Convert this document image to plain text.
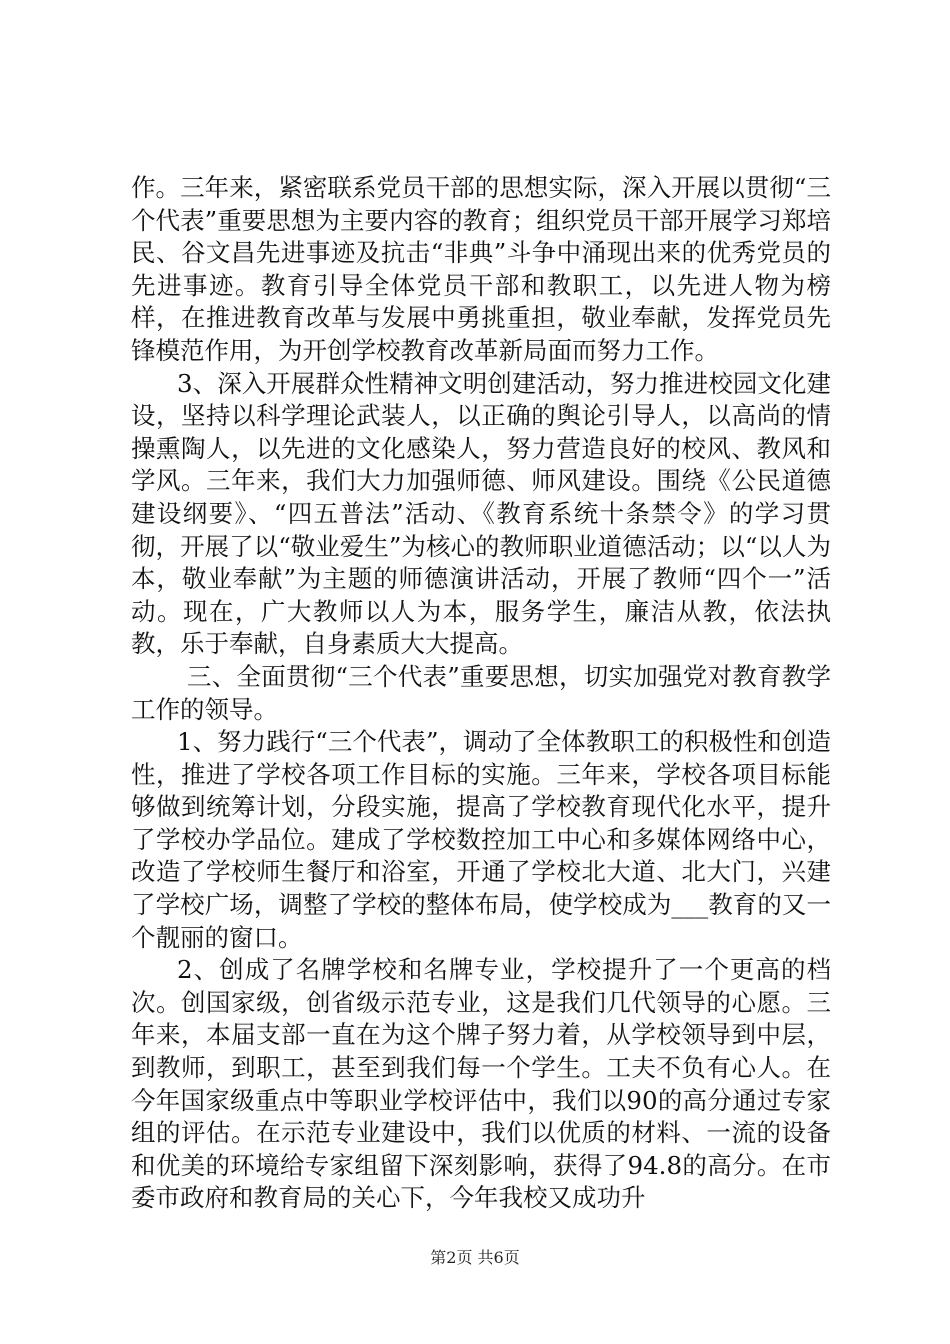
作。三年来，紧密联系党员干部的思想实际，深入开展以贯彻“三个代表”重要思想为主要内容的教育；组织党员干部开展学习郑培民、谷文昌先进事迹及抗击“非典”斗争中涌现出来的优秀党员的先进事迹。教育引导全体党员干部和教职工，以先进人物为榜样，在推进教育改革与发展中勇挑重担，敬业奉献，发挥党员先锋模范作用，为开创学校教育改革新局面而努力工作。

3、深入开展群众性精神文明创建活动，努力推进校园文化建设，坚持以科学理论武装人，以正确的舆论引导人，以高尚的情操熏陶人，以先进的文化感染人，努力营造良好的校风、教风和学风。三年来，我们大力加强师德、师风建设。围绕《公民道德建设纲要》、“四五普法”活动、《教育系统十条禁令》的学习贯彻，开展了以“敬业爱生”为核心的教师职业道德活动；以“以人为本，敬业奉献”为主题的师德演讲活动，开展了教师“四个一”活动。现在，广大教师以人为本，服务学生，廉洁从教，依法执教，乐于奉献，自身素质大大提高。

三、全面贯彻“三个代表”重要思想，切实加强党对教育教学工作的领导。

1、努力践行“三个代表”，调动了全体教职工的积极性和创造性，推进了学校各项工作目标的实施。三年来，学校各项目标能够做到统筹计划，分段实施，提高了学校教育现代化水平，提升了学校办学品位。建成了学校数控加工中心和多媒体网络中心，改造了学校师生餐厅和浴室，开通了学校北大道、北大门，兴建了学校广场，调整了学校的整体布局，使学校成为___教育的又一个靓丽的窗口。

2、创成了名牌学校和名牌专业，学校提升了一个更高的档次。创国家级，创省级示范专业，这是我们几代领导的心愿。三年来，本届支部一直在为这个牌子努力着，从学校领导到中层，到教师，到职工，甚至到我们每一个学生。工夫不负有心人。在今年国家级重点中等职业学校评估中，我们以90的高分通过专家组的评估。在示范专业建设中，我们以优质的材料、一流的设备和优美的环境给专家组留下深刻影响，获得了94.8的高分。在市委市政府和教育局的关心下，今年我校又成功升

第2页 共6页
